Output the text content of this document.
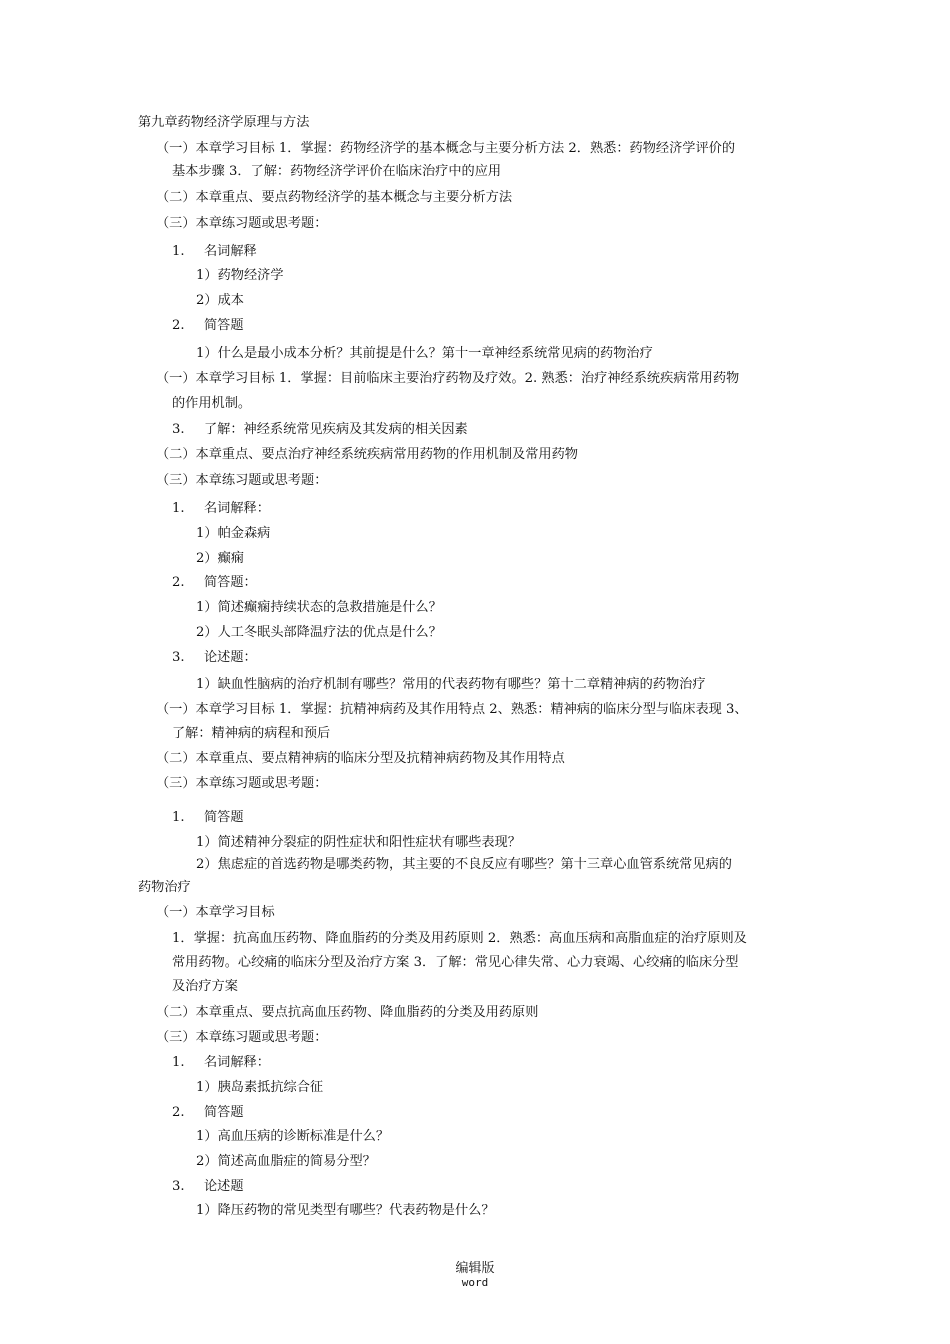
第九章药物经济学原理与方法
（一）本章学习目标 1．掌握：药物经济学的基本概念与主要分析方法 2．熟悉：药物经济学评价的
基本步骤 3．了解：药物经济学评价在临床治疗中的应用
（二）本章重点、要点药物经济学的基本概念与主要分析方法
（三）本章练习题或思考题：
1. 名词解释
1）药物经济学
2）成本
2. 简答题
1）什么是最小成本分析？其前提是什么？第十一章神经系统常见病的药物治疗
（一）本章学习目标 1．掌握：目前临床主要治疗药物及疗效。2. 熟悉：治疗神经系统疾病常用药物
的作用机制。
3. 了解：神经系统常见疾病及其发病的相关因素
（二）本章重点、要点治疗神经系统疾病常用药物的作用机制及常用药物
（三）本章练习题或思考题：
1. 名词解释：
1）帕金森病
2）癫痫
2. 简答题：
1）简述癫痫持续状态的急救措施是什么？
2）人工冬眠头部降温疗法的优点是什么？
3. 论述题：
1）缺血性脑病的治疗机制有哪些？常用的代表药物有哪些？第十二章精神病的药物治疗
（一）本章学习目标 1．掌握：抗精神病药及其作用特点 2、熟悉：精神病的临床分型与临床表现 3、
了解：精神病的病程和预后
（二）本章重点、要点精神病的临床分型及抗精神病药物及其作用特点
（三）本章练习题或思考题：
1. 简答题
1）简述精神分裂症的阴性症状和阳性症状有哪些表现？
2）焦虑症的首选药物是哪类药物，其主要的不良反应有哪些？第十三章心血管系统常见病的
药物治疗
（一）本章学习目标
1．掌握：抗高血压药物、降血脂药的分类及用药原则 2．熟悉：高血压病和高脂血症的治疗原则及
常用药物。心绞痛的临床分型及治疗方案 3．了解：常见心律失常、心力衰竭、心绞痛的临床分型
及治疗方案
（二）本章重点、要点抗高血压药物、降血脂药的分类及用药原则
（三）本章练习题或思考题：
1. 名词解释：
1）胰岛素抵抗综合征
2. 简答题
1）高血压病的诊断标准是什么？
2）简述高血脂症的简易分型？
3. 论述题
1）降压药物的常见类型有哪些？代表药物是什么？
编辑版
word
